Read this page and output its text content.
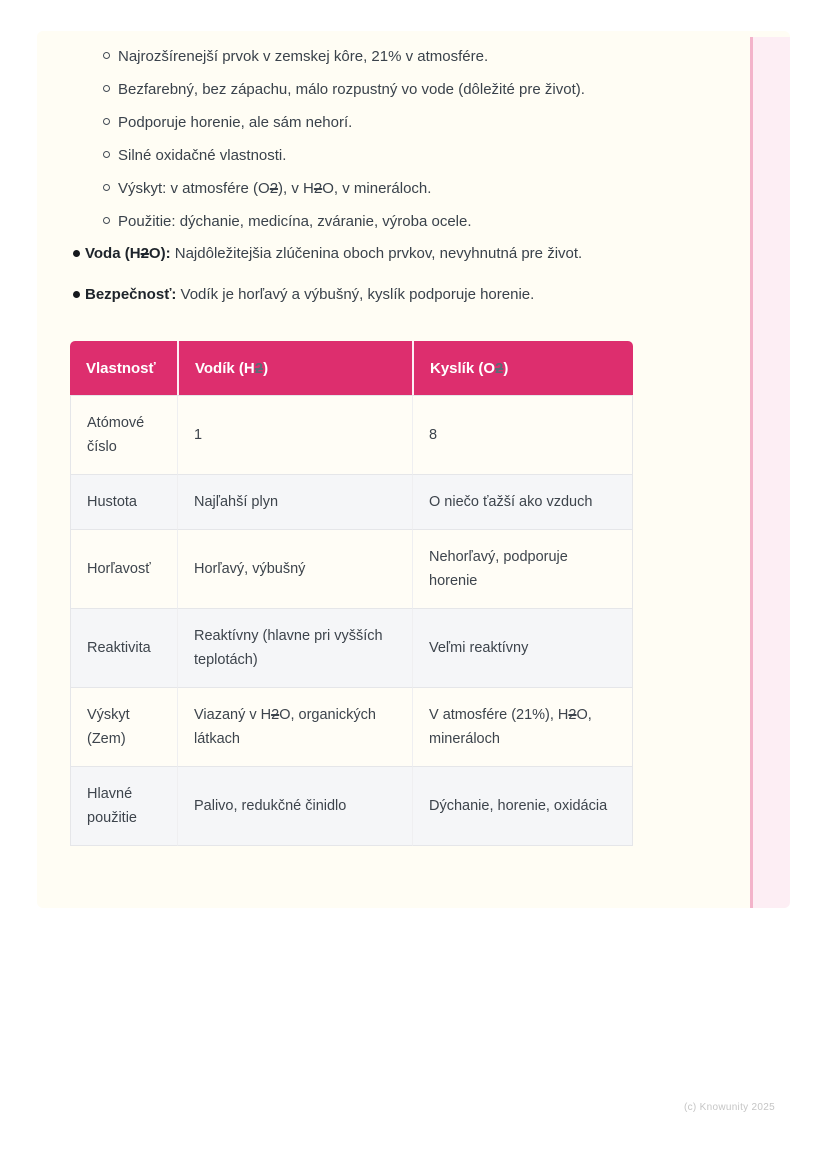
Najrozšírenejší prvok v zemskej kôre, 21% v atmosfére.
Bezfarebný, bez zápachu, málo rozpustný vo vode (dôležité pre život).
Podporuje horenie, ale sám nehorí.
Silné oxidačné vlastnosti.
Výskyt: v atmosfére (O2), v H2O, v mineráloch.
Použitie: dýchanie, medicína, zváranie, výroba ocele.
Voda (H2O): Najdôležitejšia zlúčenina oboch prvkov, nevyhnutná pre život.
Bezpečnosť: Vodík je horľavý a výbušný, kyslík podporuje horenie.
Vlastnosť	Vodík (H2)	Kyslík (O2)
Atómové číslo	1	8
Hustota	Najľahší plyn	O niečo ťažší ako vzduch
Horľavosť	Horľavý, výbušný	Nehorľavý, podporuje horenie
Reaktivita	Reaktívny (hlavne pri vyšších teplotách)	Veľmi reaktívny
Výskyt (Zem)	Viazaný v H2O, organických látkach	V atmosfére (21%), H2O, mineráloch
Hlavné použitie	Palivo, redukčné činidlo	Dýchanie, horenie, oxidácia
(c) Knowunity 2025
